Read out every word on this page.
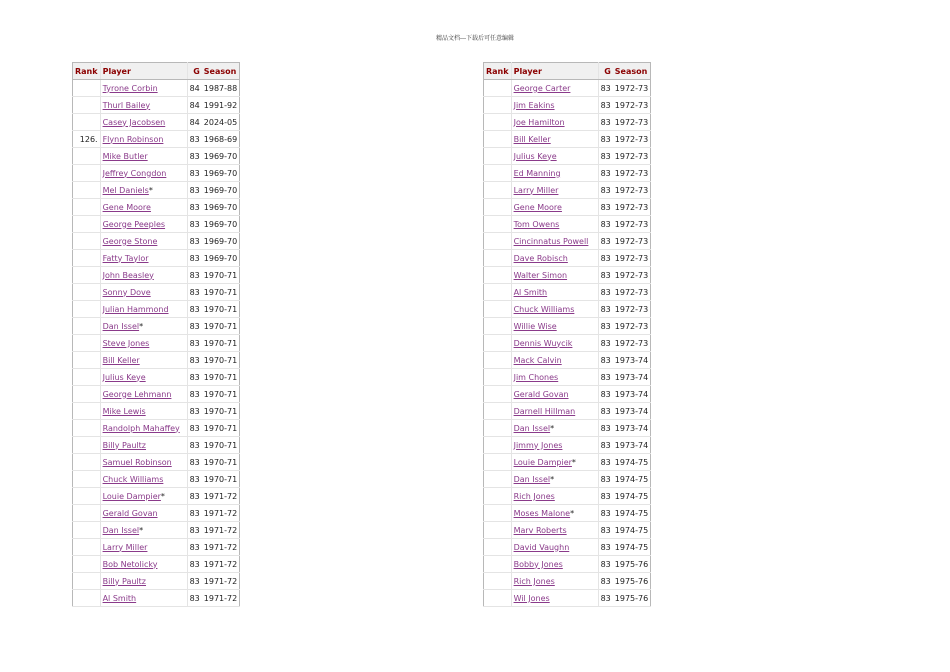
精品文档---下载后可任意编辑
Rank	Player	G	Season
	Tyrone Corbin	84	1987-88
	Thurl Bailey	84	1991-92
	Casey Jacobsen	84	2024-05
126.	Flynn Robinson	83	1968-69
	Mike Butler	83	1969-70
	Jeffrey Congdon	83	1969-70
	Mel Daniels*	83	1969-70
	Gene Moore	83	1969-70
	George Peeples	83	1969-70
	George Stone	83	1969-70
	Fatty Taylor	83	1969-70
	John Beasley	83	1970-71
	Sonny Dove	83	1970-71
	Julian Hammond	83	1970-71
	Dan Issel*	83	1970-71
	Steve Jones	83	1970-71
	Bill Keller	83	1970-71
	Julius Keye	83	1970-71
	George Lehmann	83	1970-71
	Mike Lewis	83	1970-71
	Randolph Mahaffey	83	1970-71
	Billy Paultz	83	1970-71
	Samuel Robinson	83	1970-71
	Chuck Williams	83	1970-71
	Louie Dampier*	83	1971-72
	Gerald Govan	83	1971-72
	Dan Issel*	83	1971-72
	Larry Miller	83	1971-72
	Bob Netolicky	83	1971-72
	Billy Paultz	83	1971-72
	Al Smith	83	1971-72
Rank	Player	G	Season
	George Carter	83	1972-73
	Jim Eakins	83	1972-73
	Joe Hamilton	83	1972-73
	Bill Keller	83	1972-73
	Julius Keye	83	1972-73
	Ed Manning	83	1972-73
	Larry Miller	83	1972-73
	Gene Moore	83	1972-73
	Tom Owens	83	1972-73
	Cincinnatus Powell	83	1972-73
	Dave Robisch	83	1972-73
	Walter Simon	83	1972-73
	Al Smith	83	1972-73
	Chuck Williams	83	1972-73
	Willie Wise	83	1972-73
	Dennis Wuycik	83	1972-73
	Mack Calvin	83	1973-74
	Jim Chones	83	1973-74
	Gerald Govan	83	1973-74
	Darnell Hillman	83	1973-74
	Dan Issel*	83	1973-74
	Jimmy Jones	83	1973-74
	Louie Dampier*	83	1974-75
	Dan Issel*	83	1974-75
	Rich Jones	83	1974-75
	Moses Malone*	83	1974-75
	Marv Roberts	83	1974-75
	David Vaughn	83	1974-75
	Bobby Jones	83	1975-76
	Rich Jones	83	1975-76
	Wil Jones	83	1975-76
